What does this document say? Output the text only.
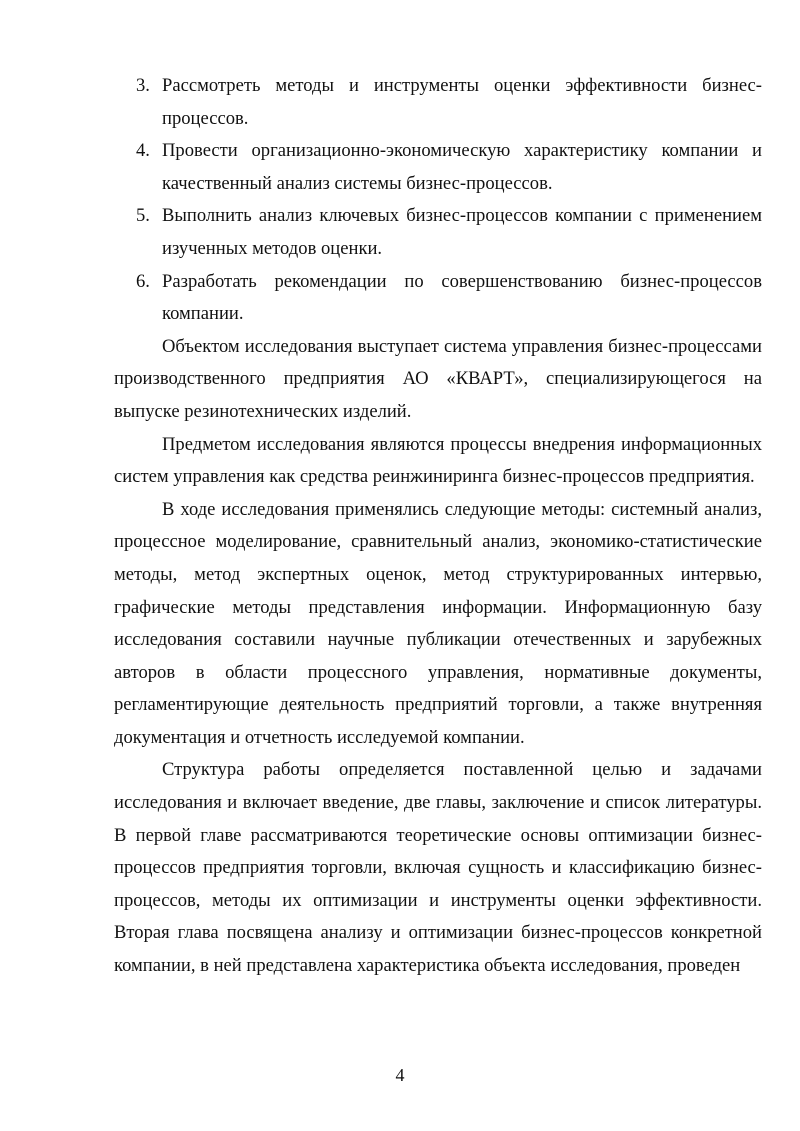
3. Рассмотреть методы и инструменты оценки эффективности бизнес-процессов.
4. Провести организационно-экономическую характеристику компании и качественный анализ системы бизнес-процессов.
5. Выполнить анализ ключевых бизнес-процессов компании с применением изученных методов оценки.
6. Разработать рекомендации по совершенствованию бизнес-процессов компании.

Объектом исследования выступает система управления бизнес-процессами производственного предприятия АО «КВАРТ», специализирующегося на выпуске резинотехнических изделий.

Предметом исследования являются процессы внедрения информационных систем управления как средства реинжиниринга бизнес-процессов предприятия.

В ходе исследования применялись следующие методы: системный анализ, процессное моделирование, сравнительный анализ, экономико-статистические методы, метод экспертных оценок, метод структурированных интервью, графические методы представления информации. Информационную базу исследования составили научные публикации отечественных и зарубежных авторов в области процессного управления, нормативные документы, регламентирующие деятельность предприятий торговли, а также внутренняя документация и отчетность исследуемой компании.

Структура работы определяется поставленной целью и задачами исследования и включает введение, две главы, заключение и список литературы. В первой главе рассматриваются теоретические основы оптимизации бизнес-процессов предприятия торговли, включая сущность и классификацию бизнес-процессов, методы их оптимизации и инструменты оценки эффективности. Вторая глава посвящена анализу и оптимизации бизнес-процессов конкретной компании, в ней представлена характеристика объекта исследования, проведен

4
